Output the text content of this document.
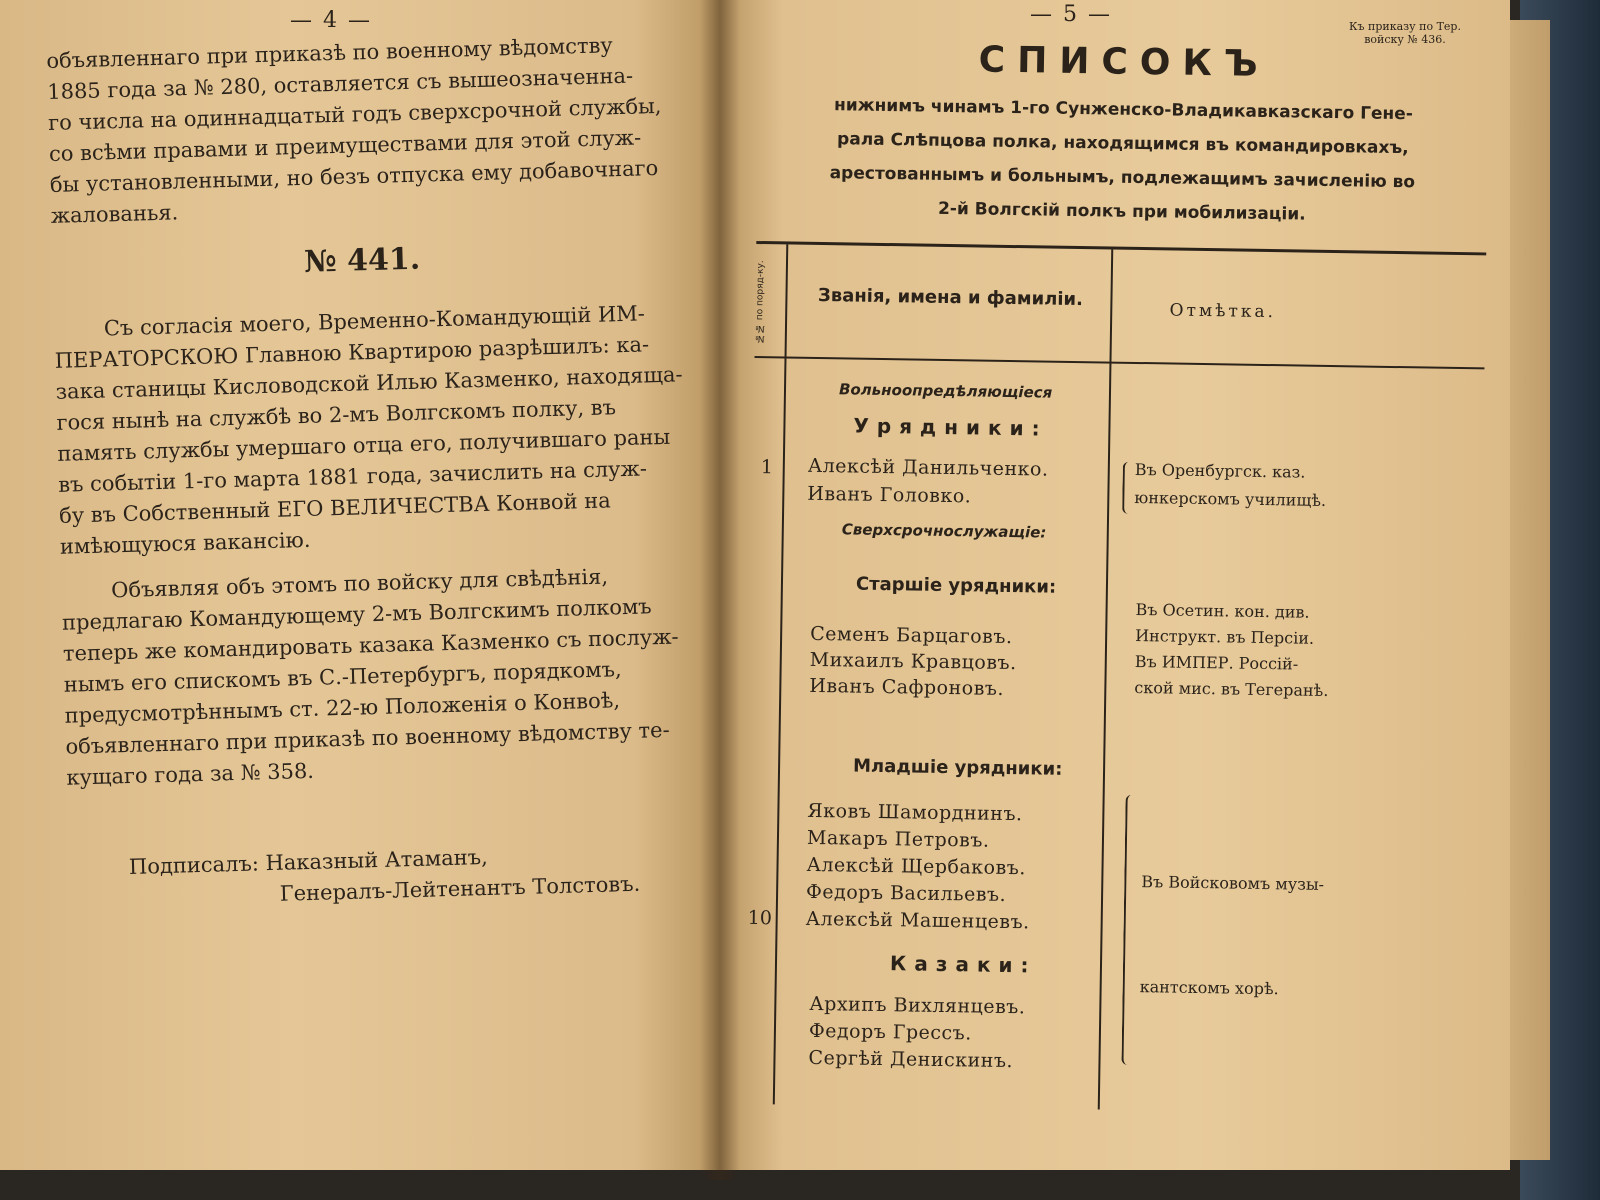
— 4 —

объявленнаго при приказѣ по военному вѣдомству
1885 года за № 280, оставляется съ вышеозначенна-
го числа на одиннадцатый годъ сверхсрочной службы,
со всѣми правами и преимуществами для этой служ-
бы установленными, но безъ отпуска ему добавочнаго
жалованья.

№ 441.

Съ согласія моего, Временно-Командующій ИМ-
ПЕРАТОРСКОЮ Главною Квартирою разрѣшилъ: ка-
зака станицы Кисловодской Илью Казменко, находяща-
гося нынѣ на службѣ во 2-мъ Волгскомъ полку, въ
память службы умершаго отца его, получившаго раны
въ событіи 1-го марта 1881 года, зачислить на служ-
бу въ Собственный ЕГО ВЕЛИЧЕСТВА Конвой на
имѣющуюся вакансію.

Объявляя объ этомъ по войску для свѣдѣнія,
предлагаю Командующему 2-мъ Волгскимъ полкомъ
теперь же командировать казака Казменко съ послуж-
нымъ его спискомъ въ С.-Петербургъ, порядкомъ,
предусмотрѣннымъ ст. 22-ю Положенія о Конвоѣ,
объявленнаго при приказѣ по военному вѣдомству те-
кущаго года за № 358.

Подписалъ: Наказный Атаманъ,
Генералъ-Лейтенантъ Толстовъ.

— 5 —	Къ приказу по Тер. войску № 436.
СПИСОКЪ
нижнимъ чинамъ 1-го Сунженско-Владикавказскаго Гене-
рала Слѣпцова полка, находящимся въ командировкахъ,
арестованнымъ и больнымъ, подлежащимъ зачисленію во
2-й Волгскій полкъ при мобилизаціи.
№№ по поряд-ку.	Званія, имена и фамиліи.
Отмѣтка.
Вольноопредѣляющіеся
Урядники:
1 Алексѣй Данильченко.
Иванъ Головко.
Въ Оренбургск. каз.
юнкерскомъ училищѣ.
Сверхсрочнослужащіе:
Старшіе урядники:
Семенъ Барцаговъ.
Михаилъ Кравцовъ.
Иванъ Сафроновъ.
Въ Осетин. кон. див.
Инструкт. въ Персіи.
Въ ИМПЕР. Россій-
ской мис. въ Тегеранѣ.
Младшіе урядники:
Яковъ Шаморднинъ.
Макаръ Петровъ.
Алексѣй Щербаковъ.
Федоръ Васильевъ.
10 Алексѣй Машенцевъ.
Казаки:
Архипъ Вихлянцевъ.
Федоръ Грессъ.
Сергѣй Денискинъ.
Въ Войсковомъ музы-
кантскомъ хорѣ.
